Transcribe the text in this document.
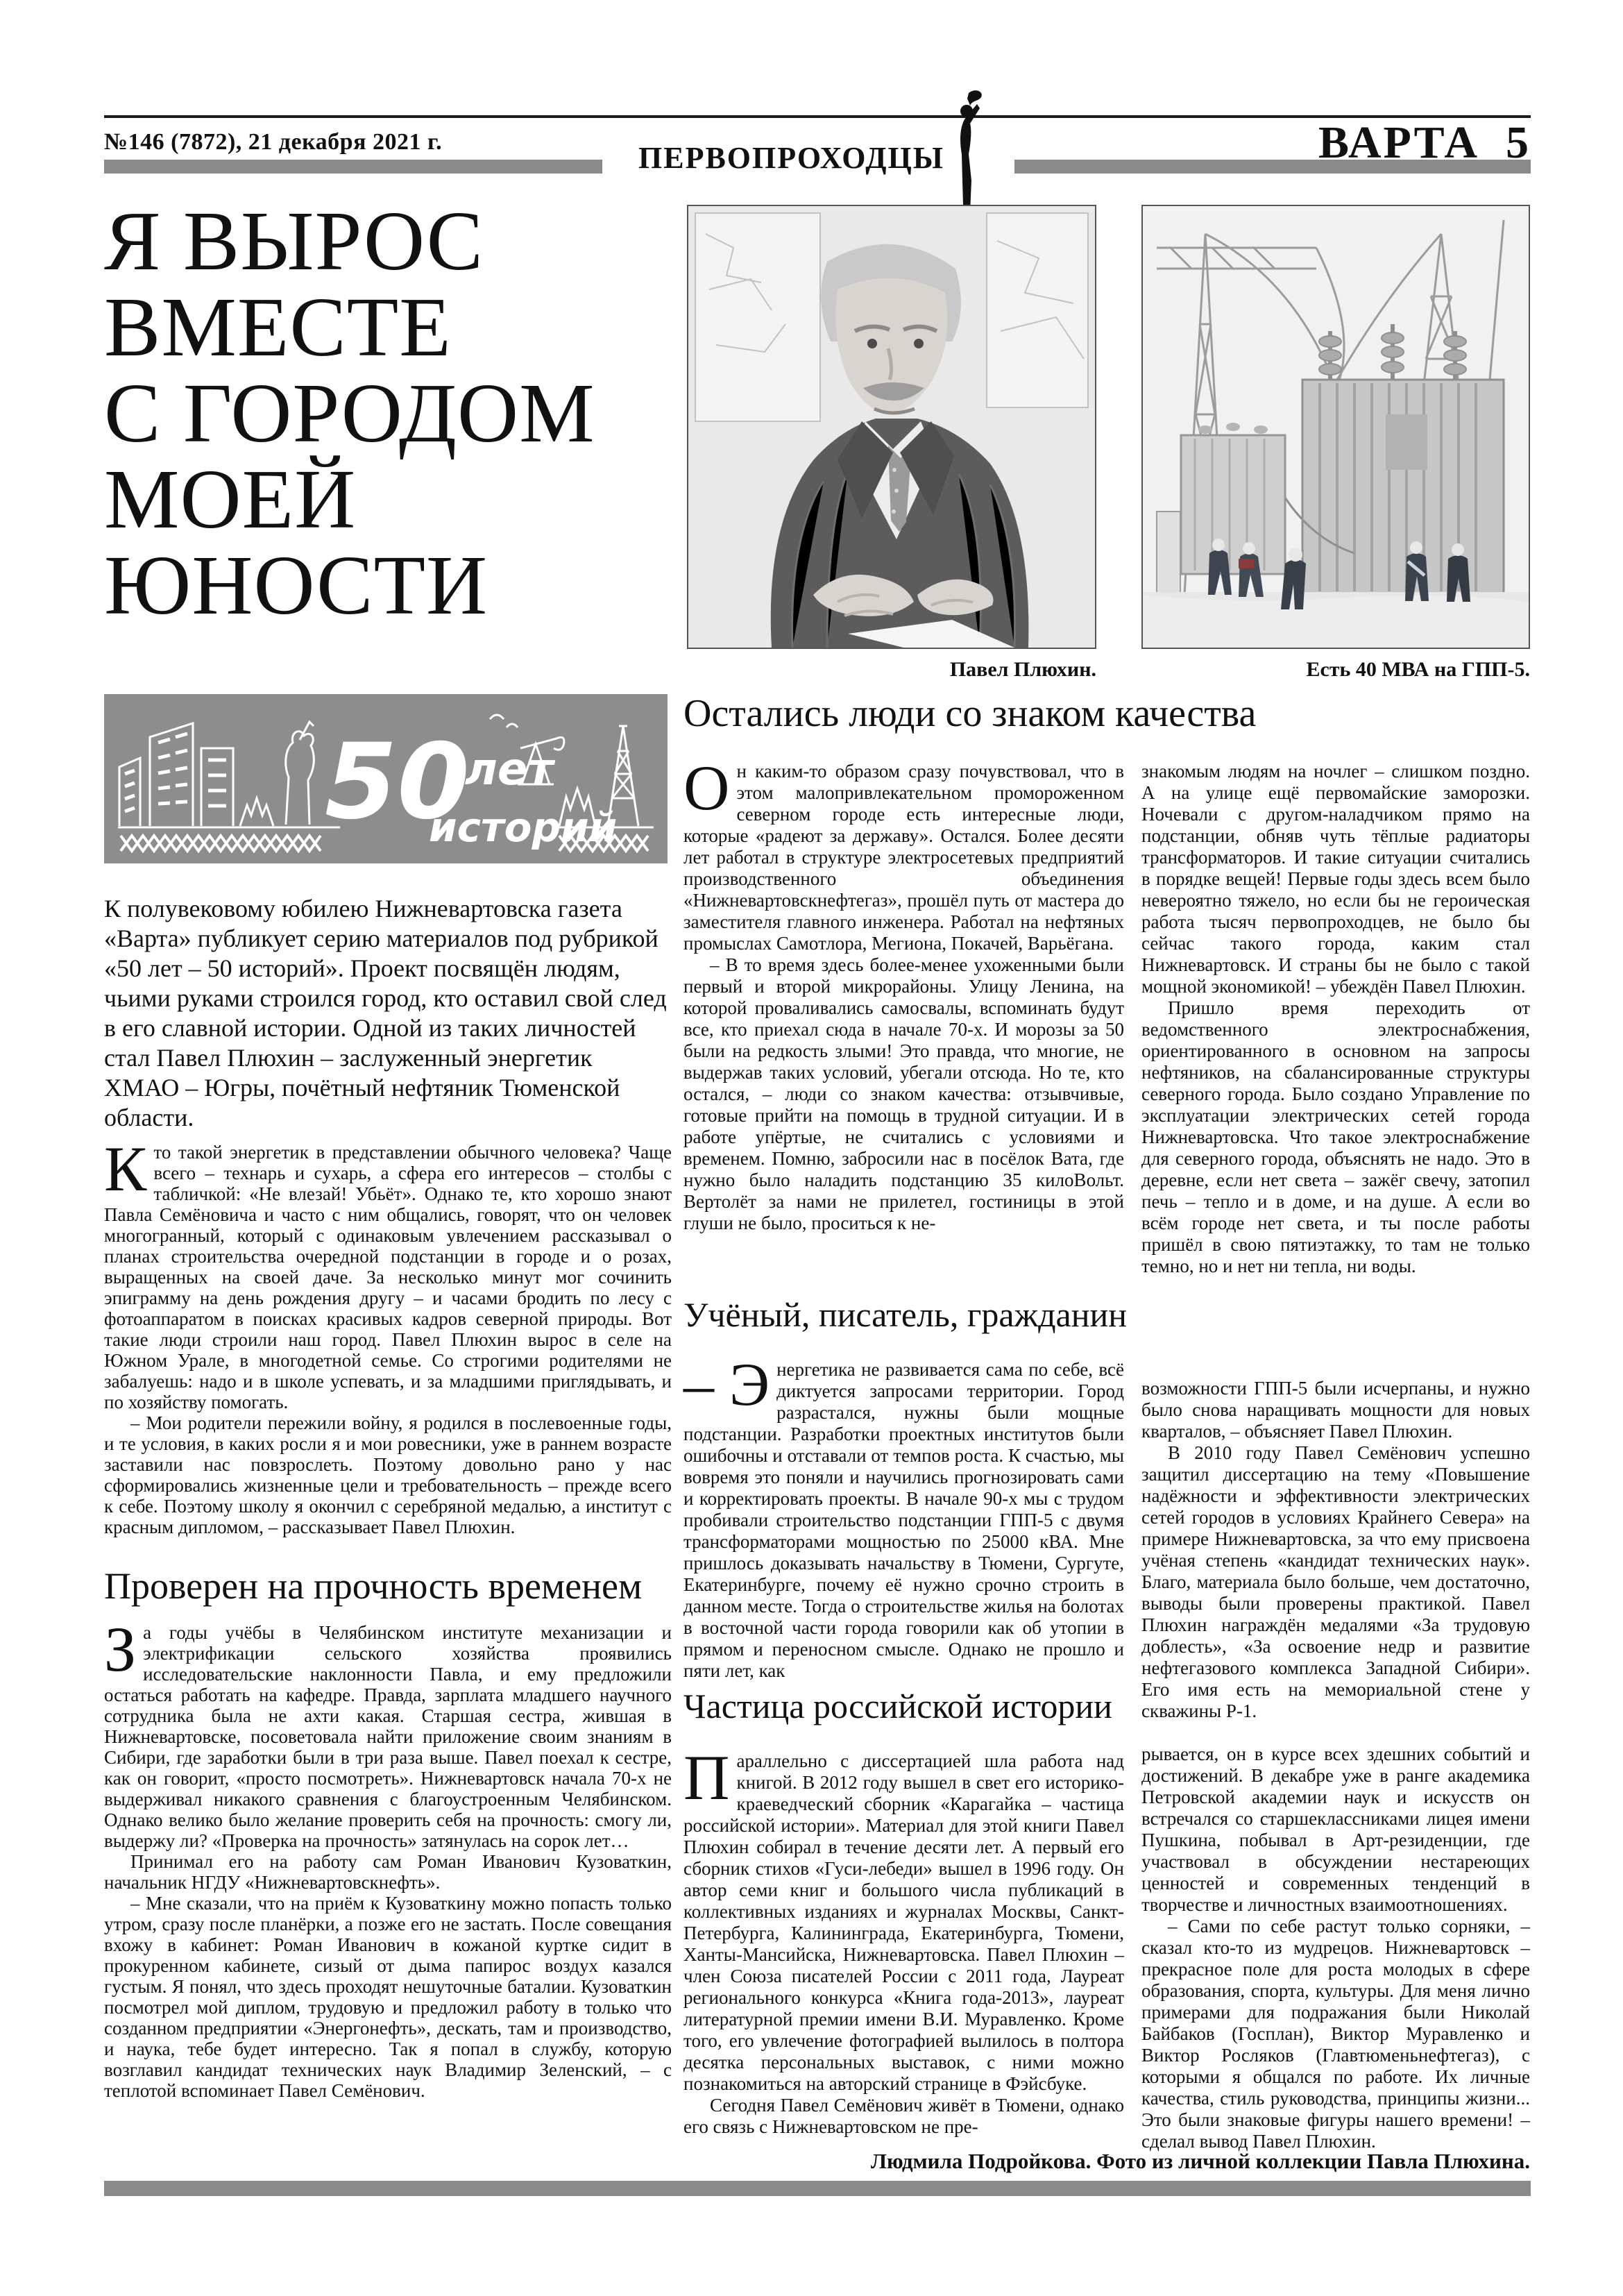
№146 (7872), 21 декабря 2021 г.	ПЕРВОПРОХОДЦЫ	ВАРТА 5
Я ВЫРОС
ВМЕСТЕ
С ГОРОДОМ
МОЕЙ
ЮНОСТИ
50
лет
историй
К полувековому юбилею Нижневартовска газета «Варта» публикует серию материалов под рубрикой «50 лет – 50 историй». Проект посвящён людям, чьими руками строился город, кто оставил свой след в его славной истории. Одной из таких личностей стал Павел Плюхин – заслуженный энергетик ХМАО – Югры, почётный нефтяник Тюменской области.

Кто такой энергетик в представлении обычного человека? Чаще всего – технарь и сухарь, а сфера его интересов – столбы с табличкой: «Не влезай! Убьёт». Однако те, кто хорошо знают Павла Семёновича и часто с ним общались, говорят, что он человек многогранный, который с одинаковым увлечением рассказывал о планах строительства очередной подстанции в городе и о розах, выращенных на своей даче. За несколько минут мог сочинить эпиграмму на день рождения другу – и часами бродить по лесу с фотоаппаратом в поисках красивых кадров северной природы. Вот такие люди строили наш город. Павел Плюхин вырос в селе на Южном Урале, в многодетной семье. Со строгими родителями не забалуешь: надо и в школе успевать, и за младшими приглядывать, и по хозяйству помогать.

– Мои родители пережили войну, я родился в послевоенные годы, и те условия, в каких росли я и мои ровесники, уже в раннем возрасте заставили нас повзрослеть. Поэтому довольно рано у нас сформировались жизненные цели и требовательность – прежде всего к себе. Поэтому школу я окончил с серебряной медалью, а институт с красным дипломом, – рассказывает Павел Плюхин.

Проверен на прочность временем

За годы учёбы в Челябинском институте механизации и электрификации сельского хозяйства проявились исследовательские наклонности Павла, и ему предложили остаться работать на кафедре. Правда, зарплата младшего научного сотрудника была не ахти какая. Старшая сестра, жившая в Нижневартовске, посоветовала найти приложение своим знаниям в Сибири, где заработки были в три раза выше. Павел поехал к сестре, как он говорит, «просто посмотреть». Нижневартовск начала 70-х не выдерживал никакого сравнения с благоустроенным Челябинском. Однако велико было желание проверить себя на прочность: смогу ли, выдержу ли? «Проверка на прочность» затянулась на сорок лет…

Принимал его на работу сам Роман Иванович Кузоваткин, начальник НГДУ «Нижневартовскнефть».

– Мне сказали, что на приём к Кузоваткину можно попасть только утром, сразу после планёрки, а позже его не застать. После совещания вхожу в кабинет: Роман Иванович в кожаной куртке сидит в прокуренном кабинете, сизый от дыма папирос воздух казался густым. Я понял, что здесь проходят нешуточные баталии. Кузоваткин посмотрел мой диплом, трудовую и предложил работу в только что созданном предприятии «Энергонефть», дескать, там и производство, и наука, тебе будет интересно. Так я попал в службу, которую возглавил кандидат технических наук Владимир Зеленский, – с теплотой вспоминает Павел Семёнович.

Павел Плюхин.	Есть 40 МВА на ГПП-5.
Остались люди со знаком качества

Он каким-то образом сразу почувствовал, что в этом малопривлекательном промороженном северном городе есть интересные люди, которые «радеют за державу». Остался. Более десяти лет работал в структуре электросетевых предприятий производственного объединения «Нижневартовскнефтегаз», прошёл путь от мастера до заместителя главного инженера. Работал на нефтяных промыслах Самотлора, Мегиона, Покачей, Варьёгана.

– В то время здесь более-менее ухоженными были первый и второй микрорайоны. Улицу Ленина, на которой проваливались самосвалы, вспоминать будут все, кто приехал сюда в начале 70-х. И морозы за 50 были на редкость злыми! Это правда, что многие, не выдержав таких условий, убегали отсюда. Но те, кто остался, – люди со знаком качества: отзывчивые, готовые прийти на помощь в трудной ситуации. И в работе упёртые, не считались с условиями и временем. Помню, забросили нас в посёлок Вата, где нужно было наладить подстанцию 35 килоВольт. Вертолёт за нами не прилетел, гостиницы в этой глуши не было, проситься к не-

знакомым людям на ночлег – слишком поздно. А на улице ещё первомайские заморозки. Ночевали с другом-наладчиком прямо на подстанции, обняв чуть тёплые радиаторы трансформаторов. И такие ситуации считались в порядке вещей! Первые годы здесь всем было невероятно тяжело, но если бы не героическая работа тысяч первопроходцев, не было бы сейчас такого города, каким стал Нижневартовск. И страны бы не было с такой мощной экономикой! – убеждён Павел Плюхин.

Пришло время переходить от ведомственного электроснабжения, ориентированного в основном на запросы нефтяников, на сбалансированные структуры северного города. Было создано Управление по эксплуатации электрических сетей города Нижневартовска. Что такое электроснабжение для северного города, объяснять не надо. Это в деревне, если нет света – зажёг свечу, затопил печь – тепло и в доме, и на душе. А если во всём городе нет света, и ты после работы пришёл в свою пятиэтажку, то там не только темно, но и нет ни тепла, ни воды.

Учёный, писатель, гражданин

– Э нергетика не развивается сама по себе, всё диктуется запросами территории. Город разрастался, нужны были мощные подстанции. Разработки проектных институтов были ошибочны и отставали от темпов роста. К счастью, мы вовремя это поняли и научились прогнозировать сами и корректировать проекты. В начале 90-х мы с трудом пробивали строительство подстанции ГПП-5 с двумя трансформаторами мощностью по 25000 кВА. Мне пришлось доказывать начальству в Тюмени, Сургуте, Екатеринбурге, почему её нужно срочно строить в данном месте. Тогда о строительстве жилья на болотах в восточной части города говорили как об утопии в прямом и переносном смысле. Однако не прошло и пяти лет, как

возможности ГПП-5 были исчерпаны, и нужно было снова наращивать мощности для новых кварталов, – объясняет Павел Плюхин.

В 2010 году Павел Семёнович успешно защитил диссертацию на тему «Повышение надёжности и эффективности электрических сетей городов в условиях Крайнего Севера» на примере Нижневартовска, за что ему присвоена учёная степень «кандидат технических наук». Благо, материала было больше, чем достаточно, выводы были проверены практикой. Павел Плюхин награждён медалями «За трудовую доблесть», «За освоение недр и развитие нефтегазового комплекса Западной Сибири». Его имя есть на мемориальной стене у скважины Р-1.

Частица российской истории

Параллельно с диссертацией шла работа над книгой. В 2012 году вышел в свет его историко-краеведческий сборник «Карагайка – частица российской истории». Материал для этой книги Павел Плюхин собирал в течение десяти лет. А первый его сборник стихов «Гуси-лебеди» вышел в 1996 году. Он автор семи книг и большого числа публикаций в коллективных изданиях и журналах Москвы, Санкт-Петербурга, Калининграда, Екатеринбурга, Тюмени, Ханты-Мансийска, Нижневартовска. Павел Плюхин – член Союза писателей России с 2011 года, Лауреат регионального конкурса «Книга года-2013», лауреат литературной премии имени В.И. Муравленко. Кроме того, его увлечение фотографией вылилось в полтора десятка персональных выставок, с ними можно познакомиться на авторский странице в Фэйсбуке.

Сегодня Павел Семёнович живёт в Тюмени, однако его связь с Нижневартовском не пре-

рывается, он в курсе всех здешних событий и достижений. В декабре уже в ранге академика Петровской академии наук и искусств он встречался со старшеклассниками лицея имени Пушкина, побывал в Арт-резиденции, где участвовал в обсуждении нестареющих ценностей и современных тенденций в творчестве и личностных взаимоотношениях.

– Сами по себе растут только сорняки, – сказал кто-то из мудрецов. Нижневартовск – прекрасное поле для роста молодых в сфере образования, спорта, культуры. Для меня лично примерами для подражания были Николай Байбаков (Госплан), Виктор Муравленко и Виктор Росляков (Главтюменьнефтегаз), с которыми я общался по работе. Их личные качества, стиль руководства, принципы жизни... Это были знаковые фигуры нашего времени! – сделал вывод Павел Плюхин.

Людмила Подройкова. Фото из личной коллекции Павла Плюхина.
